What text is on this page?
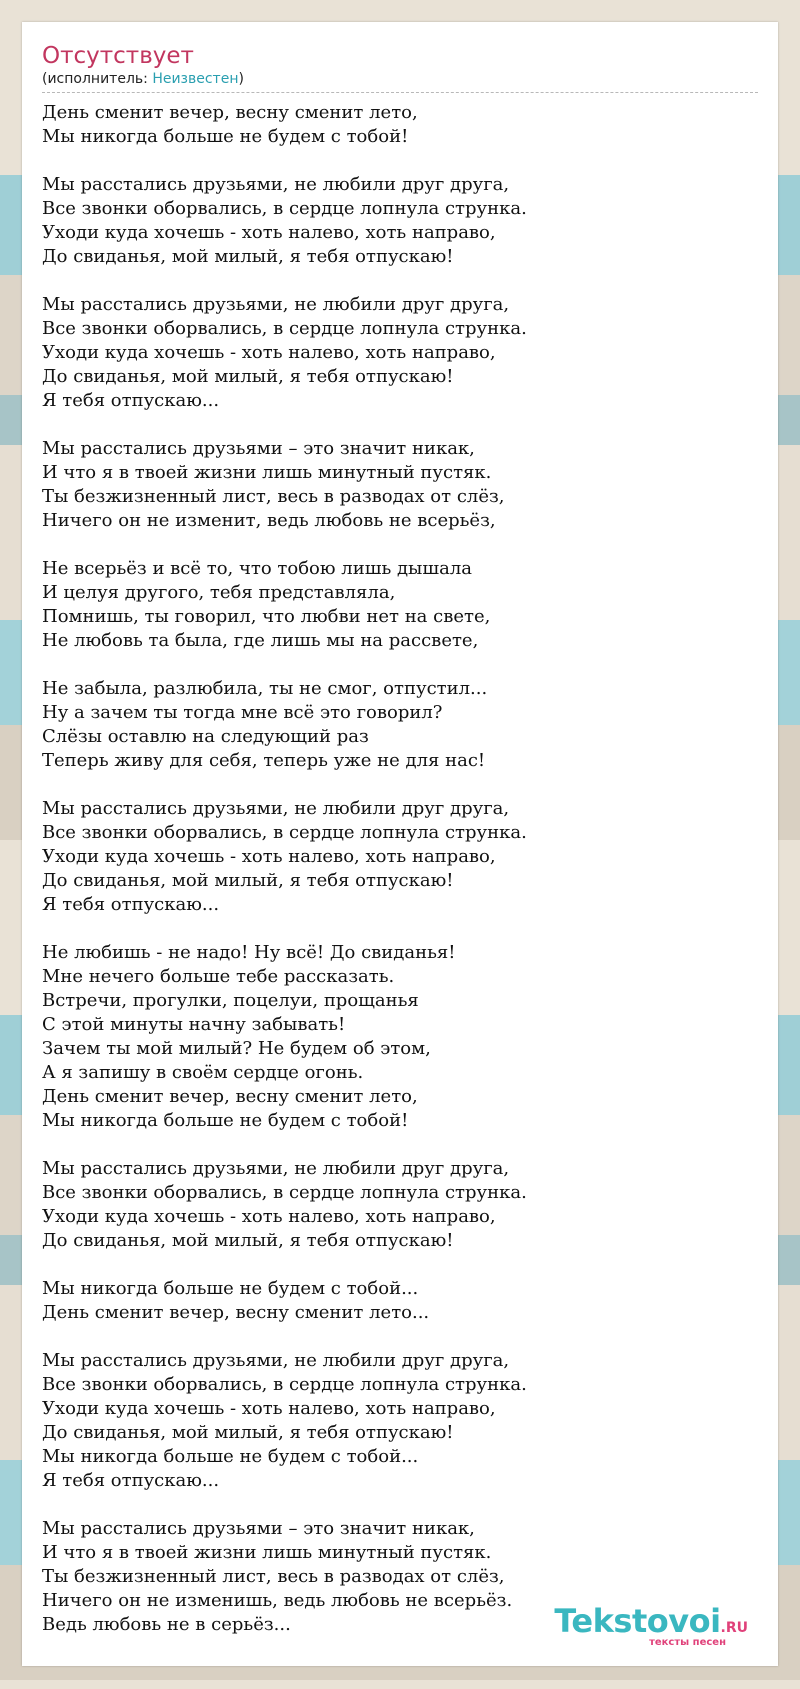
Отсутствует
(исполнитель: Неизвестен)
День сменит вечер, весну сменит лето,
Мы никогда больше не будем с тобой!
Мы расстались друзьями, не любили друг друга,
Все звонки оборвались, в сердце лопнула струнка.
Уходи куда хочешь - хоть налево, хоть направо,
До свиданья, мой милый, я тебя отпускаю!
Мы расстались друзьями, не любили друг друга,
Все звонки оборвались, в сердце лопнула струнка.
Уходи куда хочешь - хоть налево, хоть направо,
До свиданья, мой милый, я тебя отпускаю!
Я тебя отпускаю...
Мы расстались друзьями – это значит никак,
И что я в твоей жизни лишь минутный пустяк.
Ты безжизненный лист, весь в разводах от слёз,
Ничего он не изменит, ведь любовь не всерьёз,
Не всерьёз и всё то, что тобою лишь дышала
И целуя другого, тебя представляла,
Помнишь, ты говорил, что любви нет на свете,
Не любовь та была, где лишь мы на рассвете,
Не забыла, разлюбила, ты не смог, отпустил...
Ну а зачем ты тогда мне всё это говорил?
Слёзы оставлю на следующий раз
Теперь живу для себя, теперь уже не для нас!
Мы расстались друзьями, не любили друг друга,
Все звонки оборвались, в сердце лопнула струнка.
Уходи куда хочешь - хоть налево, хоть направо,
До свиданья, мой милый, я тебя отпускаю!
Я тебя отпускаю...
Не любишь - не надо! Ну всё! До свиданья!
Мне нечего больше тебе рассказать.
Встречи, прогулки, поцелуи, прощанья
С этой минуты начну забывать!
Зачем ты мой милый? Не будем об этом,
А я запишу в своём сердце огонь.
День сменит вечер, весну сменит лето,
Мы никогда больше не будем с тобой!
Мы расстались друзьями, не любили друг друга,
Все звонки оборвались, в сердце лопнула струнка.
Уходи куда хочешь - хоть налево, хоть направо,
До свиданья, мой милый, я тебя отпускаю!
Мы никогда больше не будем с тобой...
День сменит вечер, весну сменит лето...
Мы расстались друзьями, не любили друг друга,
Все звонки оборвались, в сердце лопнула струнка.
Уходи куда хочешь - хоть налево, хоть направо,
До свиданья, мой милый, я тебя отпускаю!
Мы никогда больше не будем с тобой...
Я тебя отпускаю...
Мы расстались друзьями – это значит никак,
И что я в твоей жизни лишь минутный пустяк.
Ты безжизненный лист, весь в разводах от слёз,
Ничего он не изменишь, ведь любовь не всерьёз.
Ведь любовь не в серьёз...	Tekstovoi.RU
тексты песен
